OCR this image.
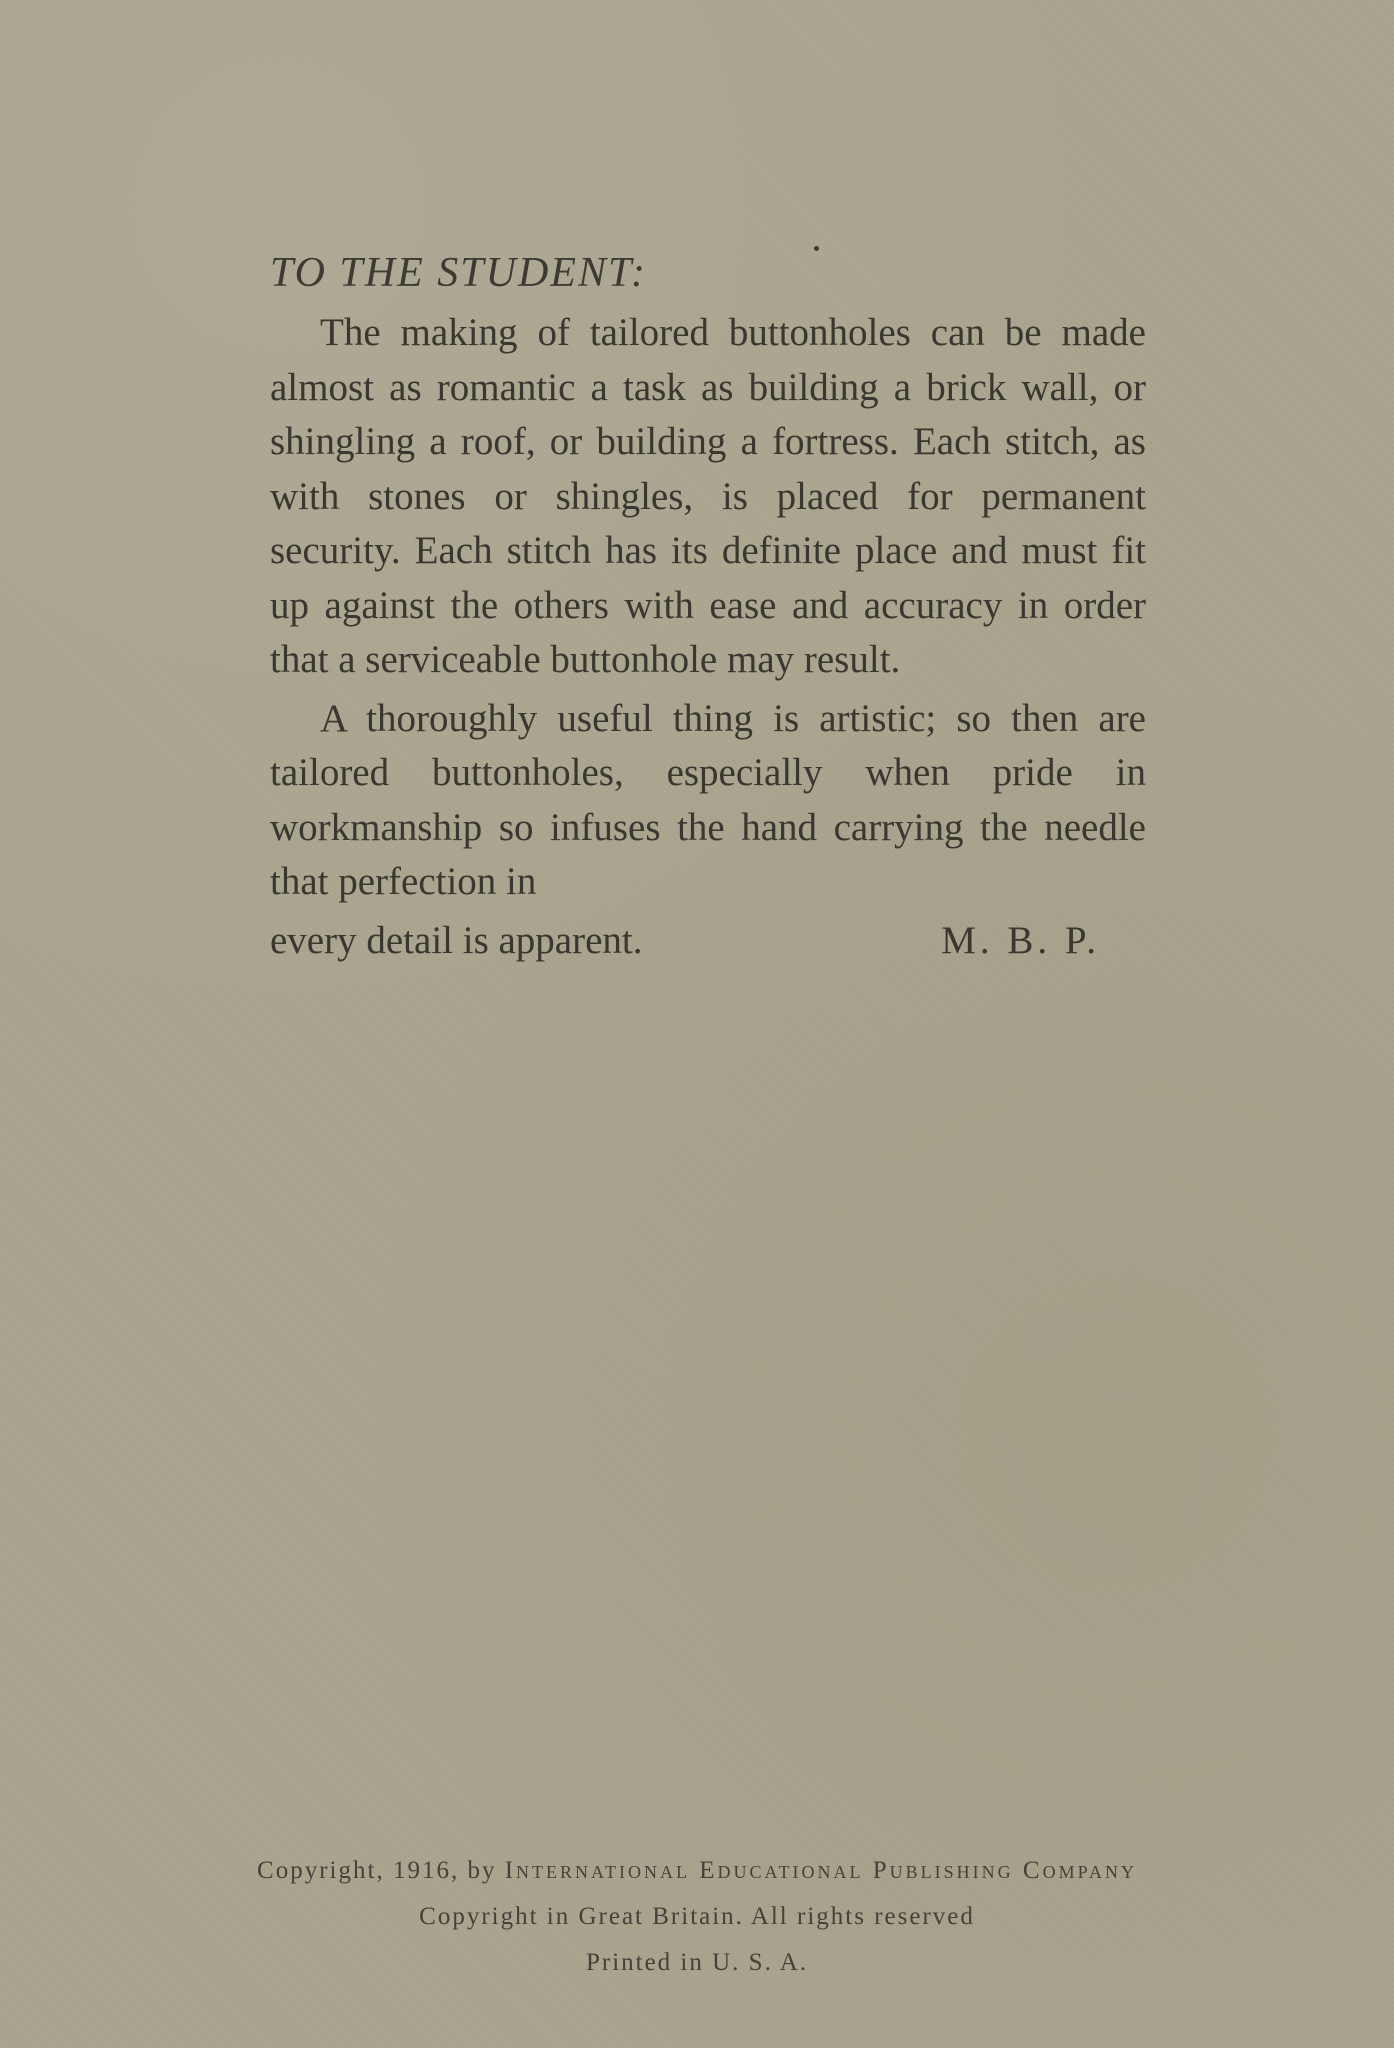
TO THE STUDENT:

The making of tailored buttonholes can be made almost as romantic a task as building a brick wall, or shingling a roof, or building a fortress. Each stitch, as with stones or shingles, is placed for permanent security. Each stitch has its definite place and must fit up against the others with ease and accuracy in order that a serviceable buttonhole may result.

A thoroughly useful thing is artistic; so then are tailored buttonholes, especially when pride in workmanship so infuses the hand carrying the needle that perfection in

every detail is apparent.	M. B. P.

Copyright, 1916, by International Educational Publishing Company

Copyright in Great Britain. All rights reserved

Printed in U. S. A.
